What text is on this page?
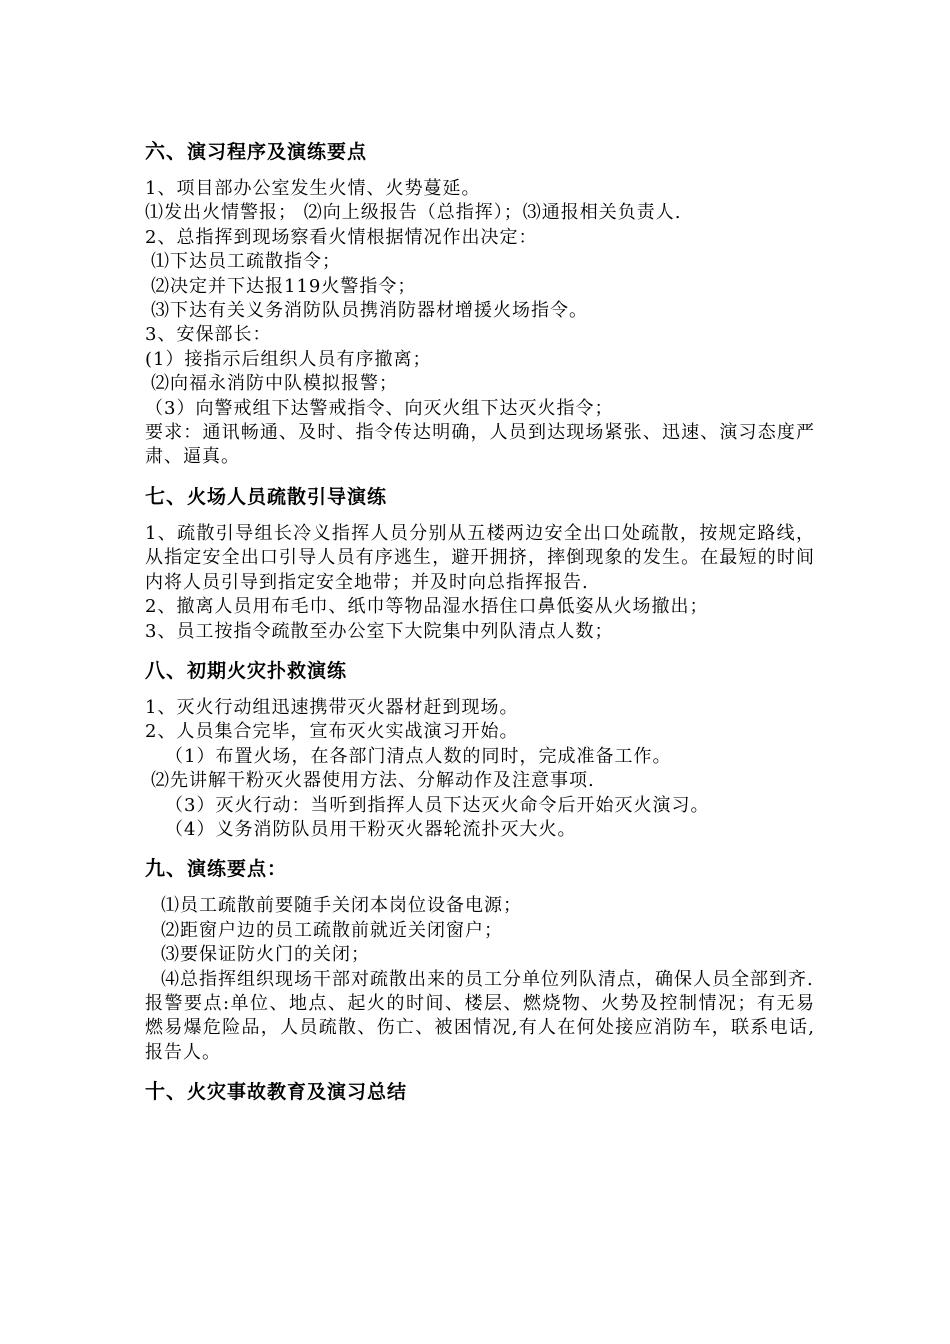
六、演习程序及演练要点

1、项目部办公室发生火情、火势蔓延。

⑴发出火情警报； ⑵向上级报告（总指挥）；⑶通报相关负责人.

2、总指挥到现场察看火情根据情况作出决定：

⑴下达员工疏散指令；

⑵决定并下达报119火警指令；

⑶下达有关义务消防队员携消防器材增援火场指令。

3、安保部长：

(1）接指示后组织人员有序撤离；

⑵向福永消防中队模拟报警；

（3）向警戒组下达警戒指令、向灭火组下达灭火指令；

要求：通讯畅通、及时、指令传达明确，人员到达现场紧张、迅速、演习态度严肃、逼真。

七、火场人员疏散引导演练

1、疏散引导组长冷义指挥人员分别从五楼两边安全出口处疏散，按规定路线，从指定安全出口引导人员有序逃生，避开拥挤，摔倒现象的发生。在最短的时间内将人员引导到指定安全地带；并及时向总指挥报告.

2、撤离人员用布毛巾、纸巾等物品湿水捂住口鼻低姿从火场撤出；

3、员工按指令疏散至办公室下大院集中列队清点人数；

八、初期火灾扑救演练

1、灭火行动组迅速携带灭火器材赶到现场。

2、人员集合完毕，宣布灭火实战演习开始。

（1）布置火场，在各部门清点人数的同时，完成准备工作。

⑵先讲解干粉灭火器使用方法、分解动作及注意事项.

（3）灭火行动：当听到指挥人员下达灭火命令后开始灭火演习。

（4）义务消防队员用干粉灭火器轮流扑灭大火。

九、演练要点：

⑴员工疏散前要随手关闭本岗位设备电源；

⑵距窗户边的员工疏散前就近关闭窗户；

⑶要保证防火门的关闭；

⑷总指挥组织现场干部对疏散出来的员工分单位列队清点，确保人员全部到齐.

报警要点:单位、地点、起火的时间、楼层、燃烧物、火势及控制情况；有无易燃易爆危险品，人员疏散、伤亡、被困情况,有人在何处接应消防车，联系电话,报告人。

十、火灾事故教育及演习总结
